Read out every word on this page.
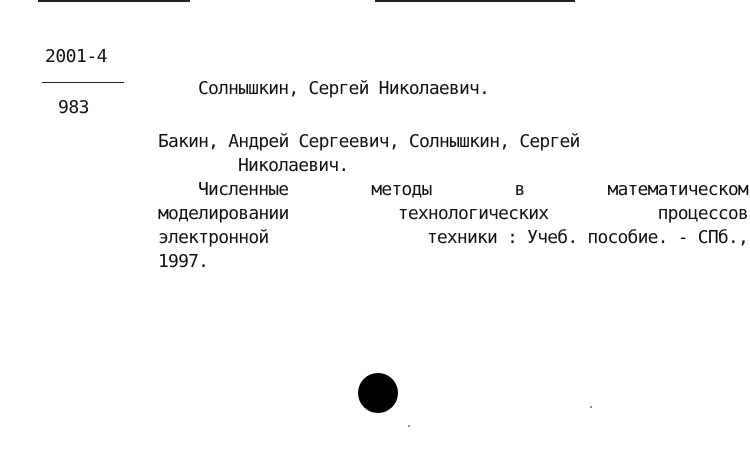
2001-4
983
Солнышкин, Сергей Николаевич.
Бакин, Андрей Сергеевич, Солнышкин, Сергей
Николаевич.
Численные	методы	в	математическом
моделировании	технологических	процессов
электронной	техники : Учеб. пособие. - СПб.,
1997.
